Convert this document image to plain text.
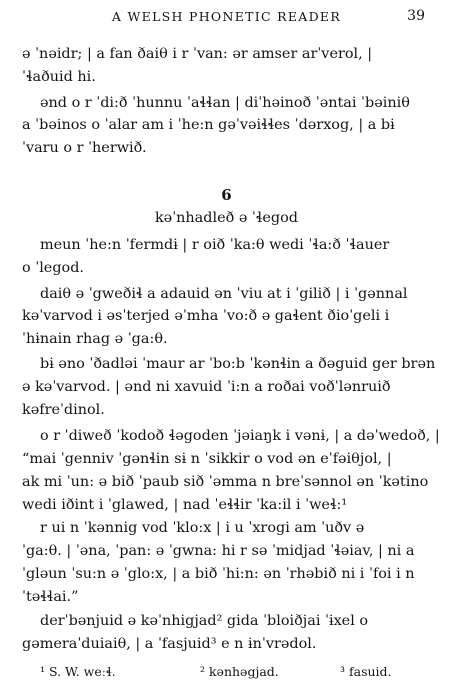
A WELSH PHONETIC READER	39
ə ˈnəidr; | a fan ðaiθ i r ˈvan: ər amser arˈverol, |
ˈɬaðuid hi.
ənd o r ˈdi:ð ˈhunnu ˈaɬɬan | diˈhəinoð ˈəntai ˈbəiniθ
a ˈbəinos o ˈalar am i ˈhe:n gəˈvəiɬɬes ˈdərxog, | a bɨ
ˈvaru o r ˈherwið.
6
kəˈnhadleð ə ˈɬegod
meun ˈhe:n ˈfermdɨ | r oið ˈka:θ wedi ˈɬa:ð ˈɬauer
o ˈlegod.
daiθ ə ˈgweðiɬ a adauid ən ˈviu at i ˈgilið | i ˈgənnal
kəˈvarvod i əsˈterjed əˈmha ˈvo:ð ə gaɬent ðioˈgeli i
ˈhɨnain rhag ə ˈga:θ.
bɨ əno ˈðadləi ˈmaur ar ˈbo:b ˈkənɬin a ðəguid ger brən
ə kəˈvarvod. | ənd ni xavuid ˈi:n a roðai voðˈlənruið
kəfreˈdinol.
o r ˈdiweð ˈkodoð ɬəgoden ˈjəiaŋk i vənɨ, | a dəˈwedoð, |
“mai ˈgenniv ˈgənɬin sɨ n ˈsikkir o vod ən eˈfəiθjol, |
ak mi ˈun: ə bið ˈpaub sið ˈəmma n breˈsənnol ən ˈkətino
wedi iðint i ˈglawed, | nad ˈeɬɬir ˈka:il i ˈweɬ:¹
r ui n ˈkənnig vod ˈklo:x | i u ˈxrogi am ˈuðv ə
ˈga:θ. | ˈəna, ˈpan: ə ˈgwna: hi r sə ˈmidjad ˈɬəiav, | ni a
ˈgləun ˈsu:n ə ˈglo:x, | a bið ˈhi:n: ən ˈrhəbið ni i ˈfoi i n
ˈtəɬɬai.”
derˈbənjuid ə kəˈnhigjad² gida ˈbloiðjai ˈɨxel o
gəmeraˈduiaiθ, | a ˈfasjuid³ e n ɨnˈvrədol.
¹ S. W. weːɬ.	² kənhəgjad.	³ fasuid.
